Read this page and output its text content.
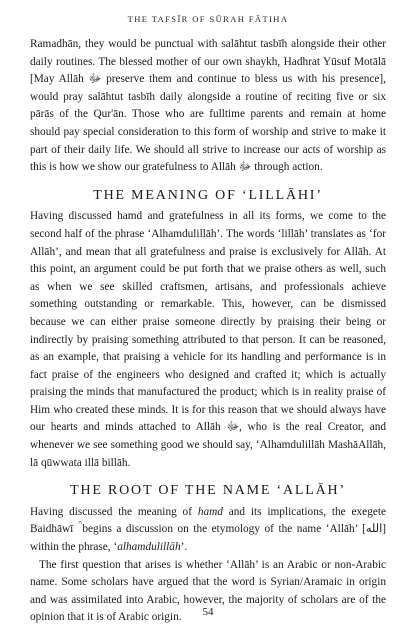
THE TAFSĪR OF SŪRAH FĀTIHA

Ramadhān, they would be punctual with salāhtut tasbīh alongside their other daily routines. The blessed mother of our own shaykh, Hadhrat Yūsuf Motālā [May Allāh ﷻ preserve them and continue to bless us with his presence], would pray salāhtut tasbīh daily alongside a routine of reciting five or six pārās of the Qur'ān. Those who are fulltime parents and remain at home should pay special consideration to this form of worship and strive to make it part of their daily life. We should all strive to increase our acts of worship as this is how we show our gratefulness to Allāh ﷻ through action.

THE MEANING OF ‘LILLĀHI’

Having discussed hamd and gratefulness in all its forms, we come to the second half of the phrase ‘Alhamdulillāh’. The words ‘lillāh’ translates as ‘for Allāh’, and mean that all gratefulness and praise is exclusively for Allāh. At this point, an argument could be put forth that we praise others as well, such as when we see skilled craftsmen, artisans, and professionals achieve something outstanding or remarkable. This, however, can be dismissed because we can either praise someone directly by praising their being or indirectly by praising something attributed to that person. It can be reasoned, as an example, that praising a vehicle for its handling and performance is in fact praise of the engineers who designed and crafted it; which is actually praising the minds that manufactured the product; which is in reality praise of Him who created these minds. It is for this reason that we should always have our hearts and minds attached to Allāh ﷻ, who is the real Creator, and whenever we see something good we should say, ‘Alhamdulillāh MashāAllāh, lā qūwwata illā billāh.

THE ROOT OF THE NAME ‘ALLĀH’

Having discussed the meaning of hamd and its implications, the exegete Baidhāwī ؒ begins a discussion on the etymology of the name ‘Allāh’ [الله] within the phrase, ‘alhamdulillāh’.

The first question that arises is whether ‘Allāh’ is an Arabic or non-Arabic name. Some scholars have argued that the word is Syrian/Aramaic in origin and was assimilated into Arabic, however, the majority of scholars are of the opinion that it is of Arabic origin.	54
